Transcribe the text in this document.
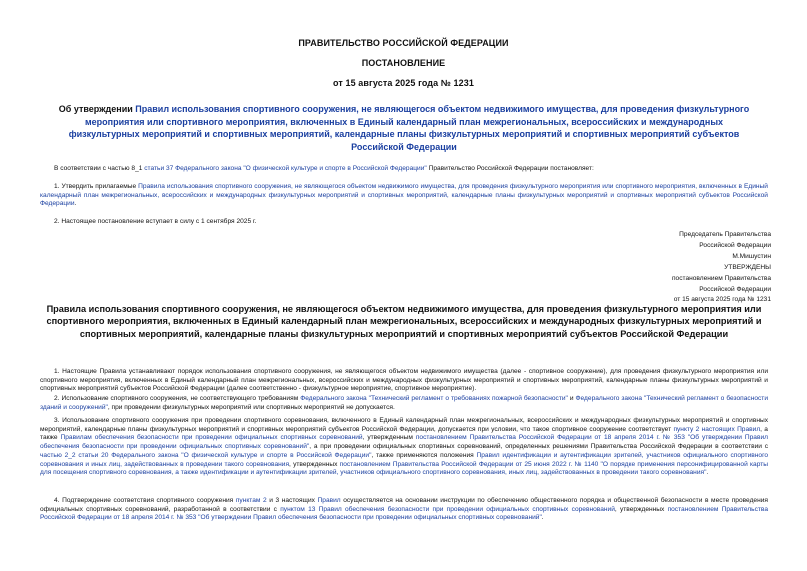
ПРАВИТЕЛЬСТВО РОССИЙСКОЙ ФЕДЕРАЦИИ
ПОСТАНОВЛЕНИЕ
от 15 августа 2025 года № 1231
Об утверждении Правил использования спортивного сооружения, не являющегося объектом недвижимого имущества, для проведения физкультурного мероприятия или спортивного мероприятия, включенных в Единый календарный план межрегиональных, всероссийских и международных физкультурных мероприятий и спортивных мероприятий, календарные планы физкультурных мероприятий и спортивных мероприятий субъектов Российской Федерации
В соответствии с частью 8_1 статьи 37 Федерального закона "О физической культуре и спорте в Российской Федерации" Правительство Российской Федерации постановляет:
1. Утвердить прилагаемые Правила использования спортивного сооружения, не являющегося объектом недвижимого имущества, для проведения физкультурного мероприятия или спортивного мероприятия, включенных в Единый календарный план межрегиональных, всероссийских и международных физкультурных мероприятий и спортивных мероприятий, календарные планы физкультурных мероприятий и спортивных мероприятий субъектов Российской Федерации.
2. Настоящее постановление вступает в силу с 1 сентября 2025 г.
Председатель Правительства
Российской Федерации
М.Мишустин
УТВЕРЖДЕНЫ
постановлением Правительства
Российской Федерации
от 15 августа 2025 года № 1231
Правила использования спортивного сооружения, не являющегося объектом недвижимого имущества, для проведения физкультурного мероприятия или спортивного мероприятия, включенных в Единый календарный план межрегиональных, всероссийских и международных физкультурных мероприятий и спортивных мероприятий, календарные планы физкультурных мероприятий и спортивных мероприятий субъектов Российской Федерации
1. Настоящие Правила устанавливают порядок использования спортивного сооружения, не являющегося объектом недвижимого имущества (далее - спортивное сооружение), для проведения физкультурного мероприятия или спортивного мероприятия, включенных в Единый календарный план межрегиональных, всероссийских и международных физкультурных мероприятий и спортивных мероприятий, календарные планы физкультурных мероприятий и спортивных мероприятий субъектов Российской Федерации (далее соответственно - физкультурное мероприятие, спортивное мероприятие).
2. Использование спортивного сооружения, не соответствующего требованиям Федерального закона "Технический регламент о требованиях пожарной безопасности" и Федерального закона "Технический регламент о безопасности зданий и сооружений", при проведении физкультурных мероприятий или спортивных мероприятий не допускается.
3. Использование спортивного сооружения при проведении спортивного соревнования, включенного в Единый календарный план межрегиональных, всероссийских и международных физкультурных мероприятий и спортивных мероприятий, календарные планы физкультурных мероприятий и спортивных мероприятий субъектов Российской Федерации, допускается при условии, что такое спортивное сооружение соответствует пункту 2 настоящих Правил, а также Правилам обеспечения безопасности при проведении официальных спортивных соревнований, утвержденным постановлением Правительства Российской Федерации от 18 апреля 2014 г. № 353 "Об утверждении Правил обеспечения безопасности при проведении официальных спортивных соревнований", а при проведении официальных спортивных соревнований, определенных решениями Правительства Российской Федерации в соответствии с частью 2_2 статьи 20 Федерального закона "О физической культуре и спорте в Российской Федерации", также применяются положения Правил идентификации и аутентификации зрителей, участников официального спортивного соревнования и иных лиц, задействованных в проведении такого соревнования, утвержденных постановлением Правительства Российской Федерации от 25 июня 2022 г. № 1140 "О порядке применения персонифицированной карты для посещения спортивного соревнования, а также идентификации и аутентификации зрителей, участников официального спортивного соревнования, иных лиц, задействованных в проведении такого соревнования".
4. Подтверждение соответствия спортивного сооружения пунктам 2 и 3 настоящих Правил осуществляется на основании инструкции по обеспечению общественного порядка и общественной безопасности в месте проведения официальных спортивных соревнований, разработанной в соответствии с пунктом 13 Правил обеспечения безопасности при проведении официальных спортивных соревнований, утвержденных постановлением Правительства Российской Федерации от 18 апреля 2014 г. № 353 "Об утверждении Правил обеспечения безопасности при проведении официальных спортивных соревнований".
